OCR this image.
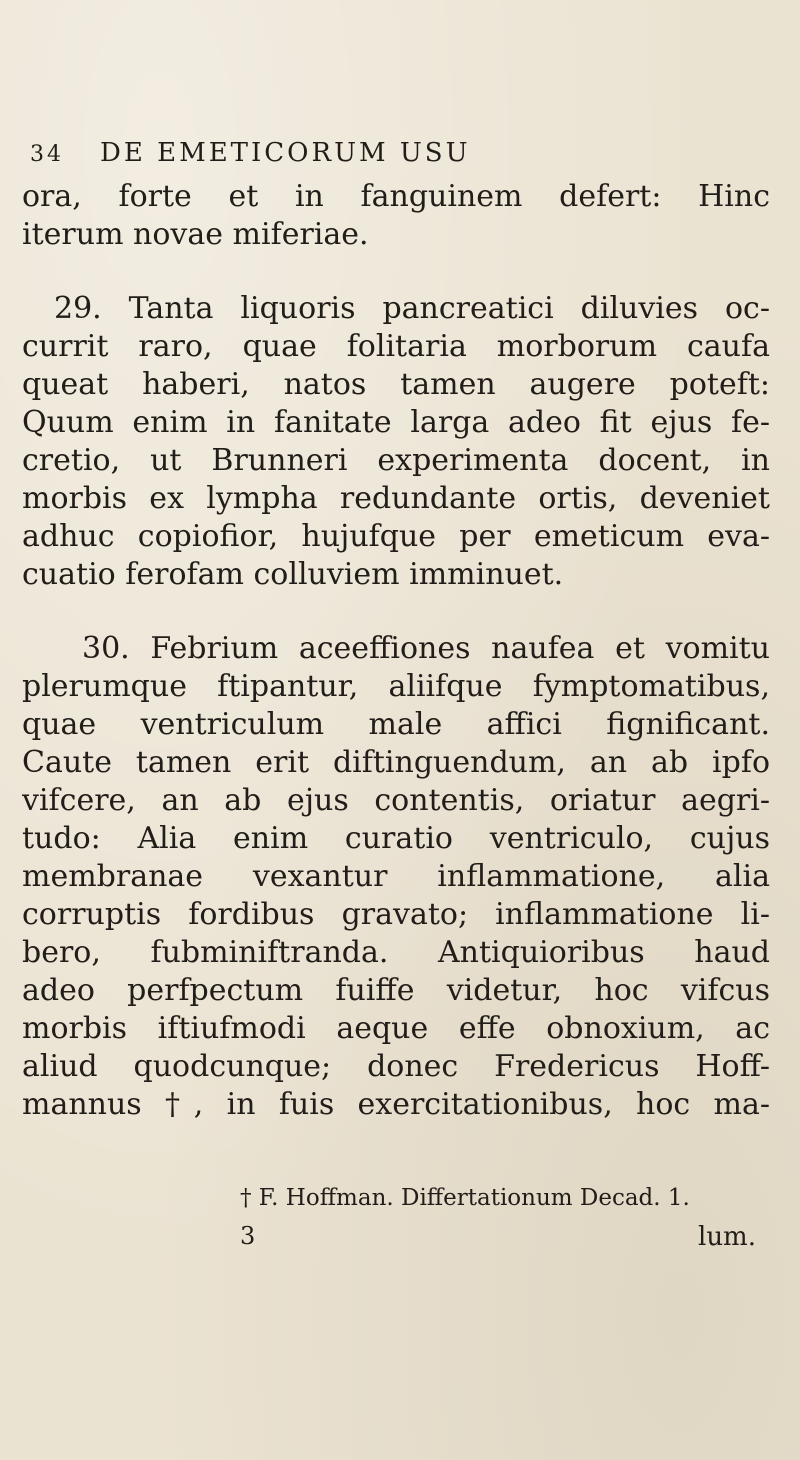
34 DE EMETICORUM USU
ora, forte et in fanguinem defert: Hinc
iterum novae miferiae.
29. Tanta liquoris pancreatici diluvies oc-
currit raro, quae folitaria morborum caufa
queat haberi, natos tamen augere poteft:
Quum enim in fanitate larga adeo fit ejus fe-
cretio, ut Brunneri experimenta docent, in
morbis ex lympha redundante ortis, deveniet
adhuc copiofior, hujufque per emeticum eva-
cuatio ferofam colluviem imminuet.
30. Febrium aceeffiones naufea et vomitu
plerumque ftipantur, aliifque fymptomatibus,
quae ventriculum male affici fignificant.
Caute tamen erit diftinguendum, an ab ipfo
vifcere, an ab ejus contentis, oriatur aegri-
tudo: Alia enim curatio ventriculo, cujus
membranae vexantur inflammatione, alia
corruptis fordibus gravato; inflammatione li-
bero, fubminiftranda. Antiquioribus haud
adeo perfpectum fuiffe videtur, hoc vifcus
morbis iftiufmodi aeque effe obnoxium, ac
aliud quodcunque; donec Fredericus Hoff-
mannus †, in fuis exercitationibus, hoc ma-
† F. Hoffman. Differtationum Decad. 1.
3	lum.
